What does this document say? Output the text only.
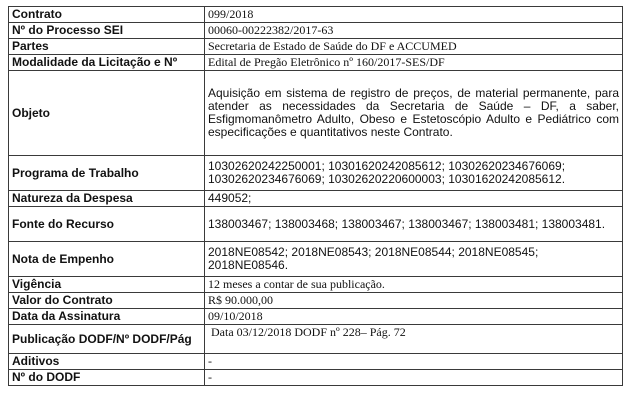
Contrato	099/2018
Nº do Processo SEI	00060-00222382/2017-63
Partes	Secretaria de Estado de Saúde do DF e ACCUMED
Modalidade da Licitação e Nº	Edital de Pregão Eletrônico nº 160/2017-SES/DF
Objeto	Aquisição em sistema de registro de preços, de material permanente, para atender as necessidades da Secretaria de Saúde – DF, a saber, Esfigmomanômetro Adulto, Obeso e Estetoscópio Adulto e Pediátrico com especificações e quantitativos neste Contrato.
Programa de Trabalho	10302620242250001; 10301620242085612; 10302620234676069; 10302620234676069; 10302620220600003; 10301620242085612.
Natureza da Despesa	449052;
Fonte do Recurso	138003467; 138003468; 138003467; 138003467; 138003481; 138003481.
Nota de Empenho	2018NE08542; 2018NE08543; 2018NE08544; 2018NE08545; 2018NE08546.
Vigência	12 meses a contar de sua publicação.
Valor do Contrato	R$ 90.000,00
Data da Assinatura	09/10/2018
Publicação DODF/Nº DODF/Pág	Data 03/12/2018 DODF nº 228– Pág. 72
Aditivos	-
Nº do DODF	-
